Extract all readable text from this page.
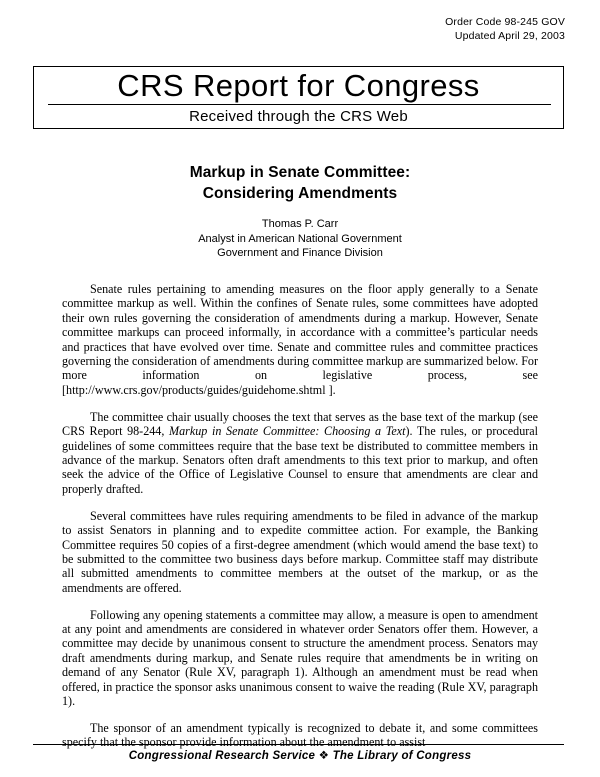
Order Code 98-245 GOV
Updated April 29, 2003
CRS Report for Congress
Received through the CRS Web
Markup in Senate Committee:
Considering Amendments
Thomas P. Carr
Analyst in American National Government
Government and Finance Division

Senate rules pertaining to amending measures on the floor apply generally to a Senate committee markup as well. Within the confines of Senate rules, some committees have adopted their own rules governing the consideration of amendments during a markup. However, Senate committee markups can proceed informally, in accordance with a committee’s particular needs and practices that have evolved over time. Senate and committee rules and committee practices governing the consideration of amendments during committee markup are summarized below. For more information on legislative process, see [http://www.crs.gov/products/guides/guidehome.shtml ].

The committee chair usually chooses the text that serves as the base text of the markup (see CRS Report 98-244, Markup in Senate Committee: Choosing a Text). The rules, or procedural guidelines of some committees require that the base text be distributed to committee members in advance of the markup. Senators often draft amendments to this text prior to markup, and often seek the advice of the Office of Legislative Counsel to ensure that amendments are clear and properly drafted.

Several committees have rules requiring amendments to be filed in advance of the markup to assist Senators in planning and to expedite committee action. For example, the Banking Committee requires 50 copies of a first-degree amendment (which would amend the base text) to be submitted to the committee two business days before markup. Committee staff may distribute all submitted amendments to committee members at the outset of the markup, or as the amendments are offered.

Following any opening statements a committee may allow, a measure is open to amendment at any point and amendments are considered in whatever order Senators offer them. However, a committee may decide by unanimous consent to structure the amendment process. Senators may draft amendments during markup, and Senate rules require that amendments be in writing on demand of any Senator (Rule XV, paragraph 1). Although an amendment must be read when offered, in practice the sponsor asks unanimous consent to waive the reading (Rule XV, paragraph 1).

The sponsor of an amendment typically is recognized to debate it, and some committees specify that the sponsor provide information about the amendment to assist

Congressional Research Service ❖ The Library of Congress
